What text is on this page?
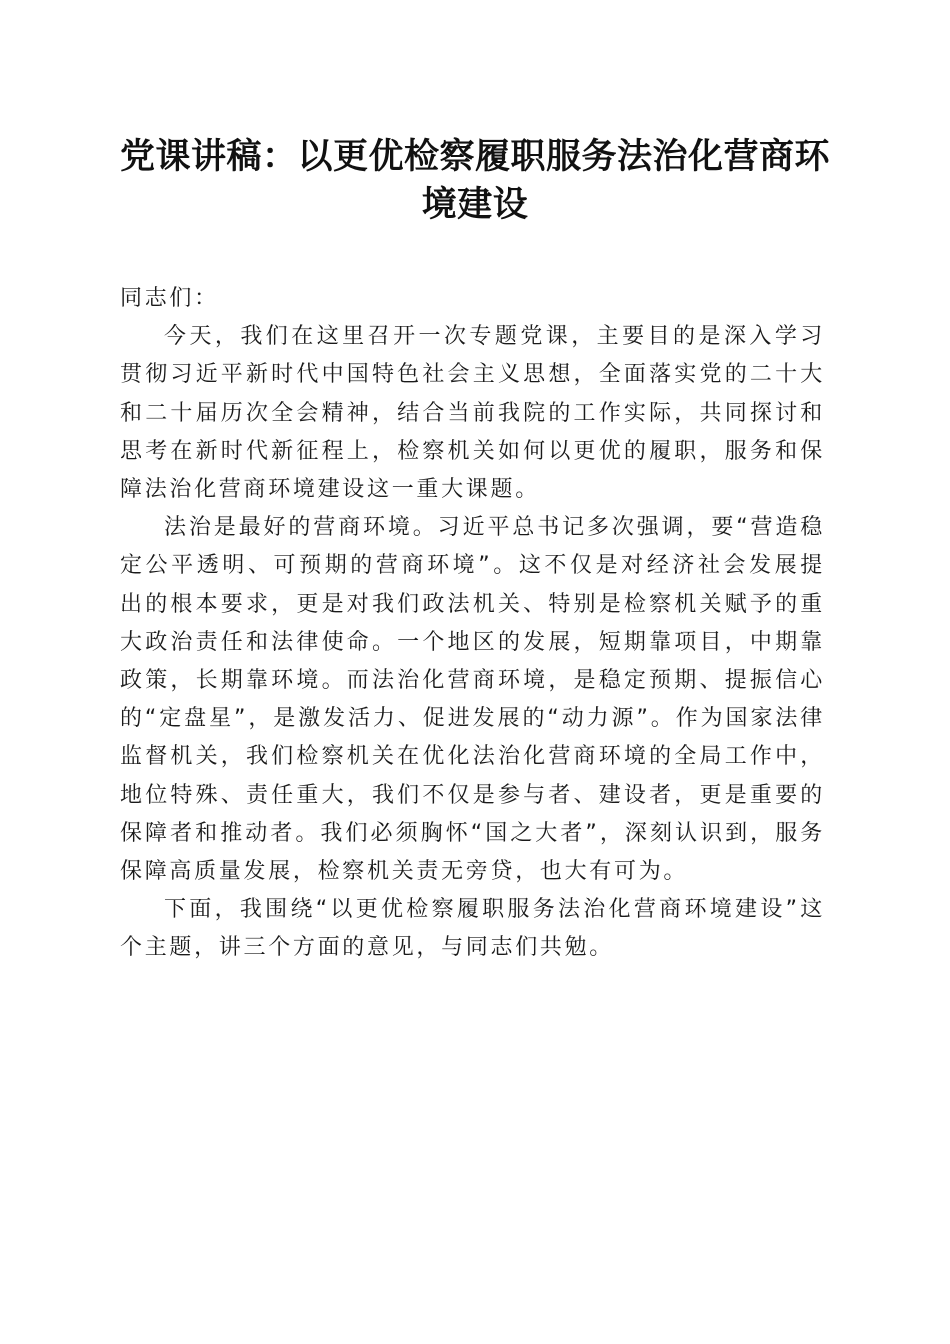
党课讲稿：以更优检察履职服务法治化营商环境建设

同志们：

今天，我们在这里召开一次专题党课，主要目的是深入学习贯彻习近平新时代中国特色社会主义思想，全面落实党的二十大和二十届历次全会精神，结合当前我院的工作实际，共同探讨和思考在新时代新征程上，检察机关如何以更优的履职，服务和保障法治化营商环境建设这一重大课题。

法治是最好的营商环境。习近平总书记多次强调，要“营造稳定公平透明、可预期的营商环境”。这不仅是对经济社会发展提出的根本要求，更是对我们政法机关、特别是检察机关赋予的重大政治责任和法律使命。一个地区的发展，短期靠项目，中期靠政策，长期靠环境。而法治化营商环境，是稳定预期、提振信心的“定盘星”，是激发活力、促进发展的“动力源”。作为国家法律监督机关，我们检察机关在优化法治化营商环境的全局工作中，地位特殊、责任重大，我们不仅是参与者、建设者，更是重要的保障者和推动者。我们必须胸怀“国之大者”，深刻认识到，服务保障高质量发展，检察机关责无旁贷，也大有可为。

下面，我围绕“以更优检察履职服务法治化营商环境建设”这个主题，讲三个方面的意见，与同志们共勉。
